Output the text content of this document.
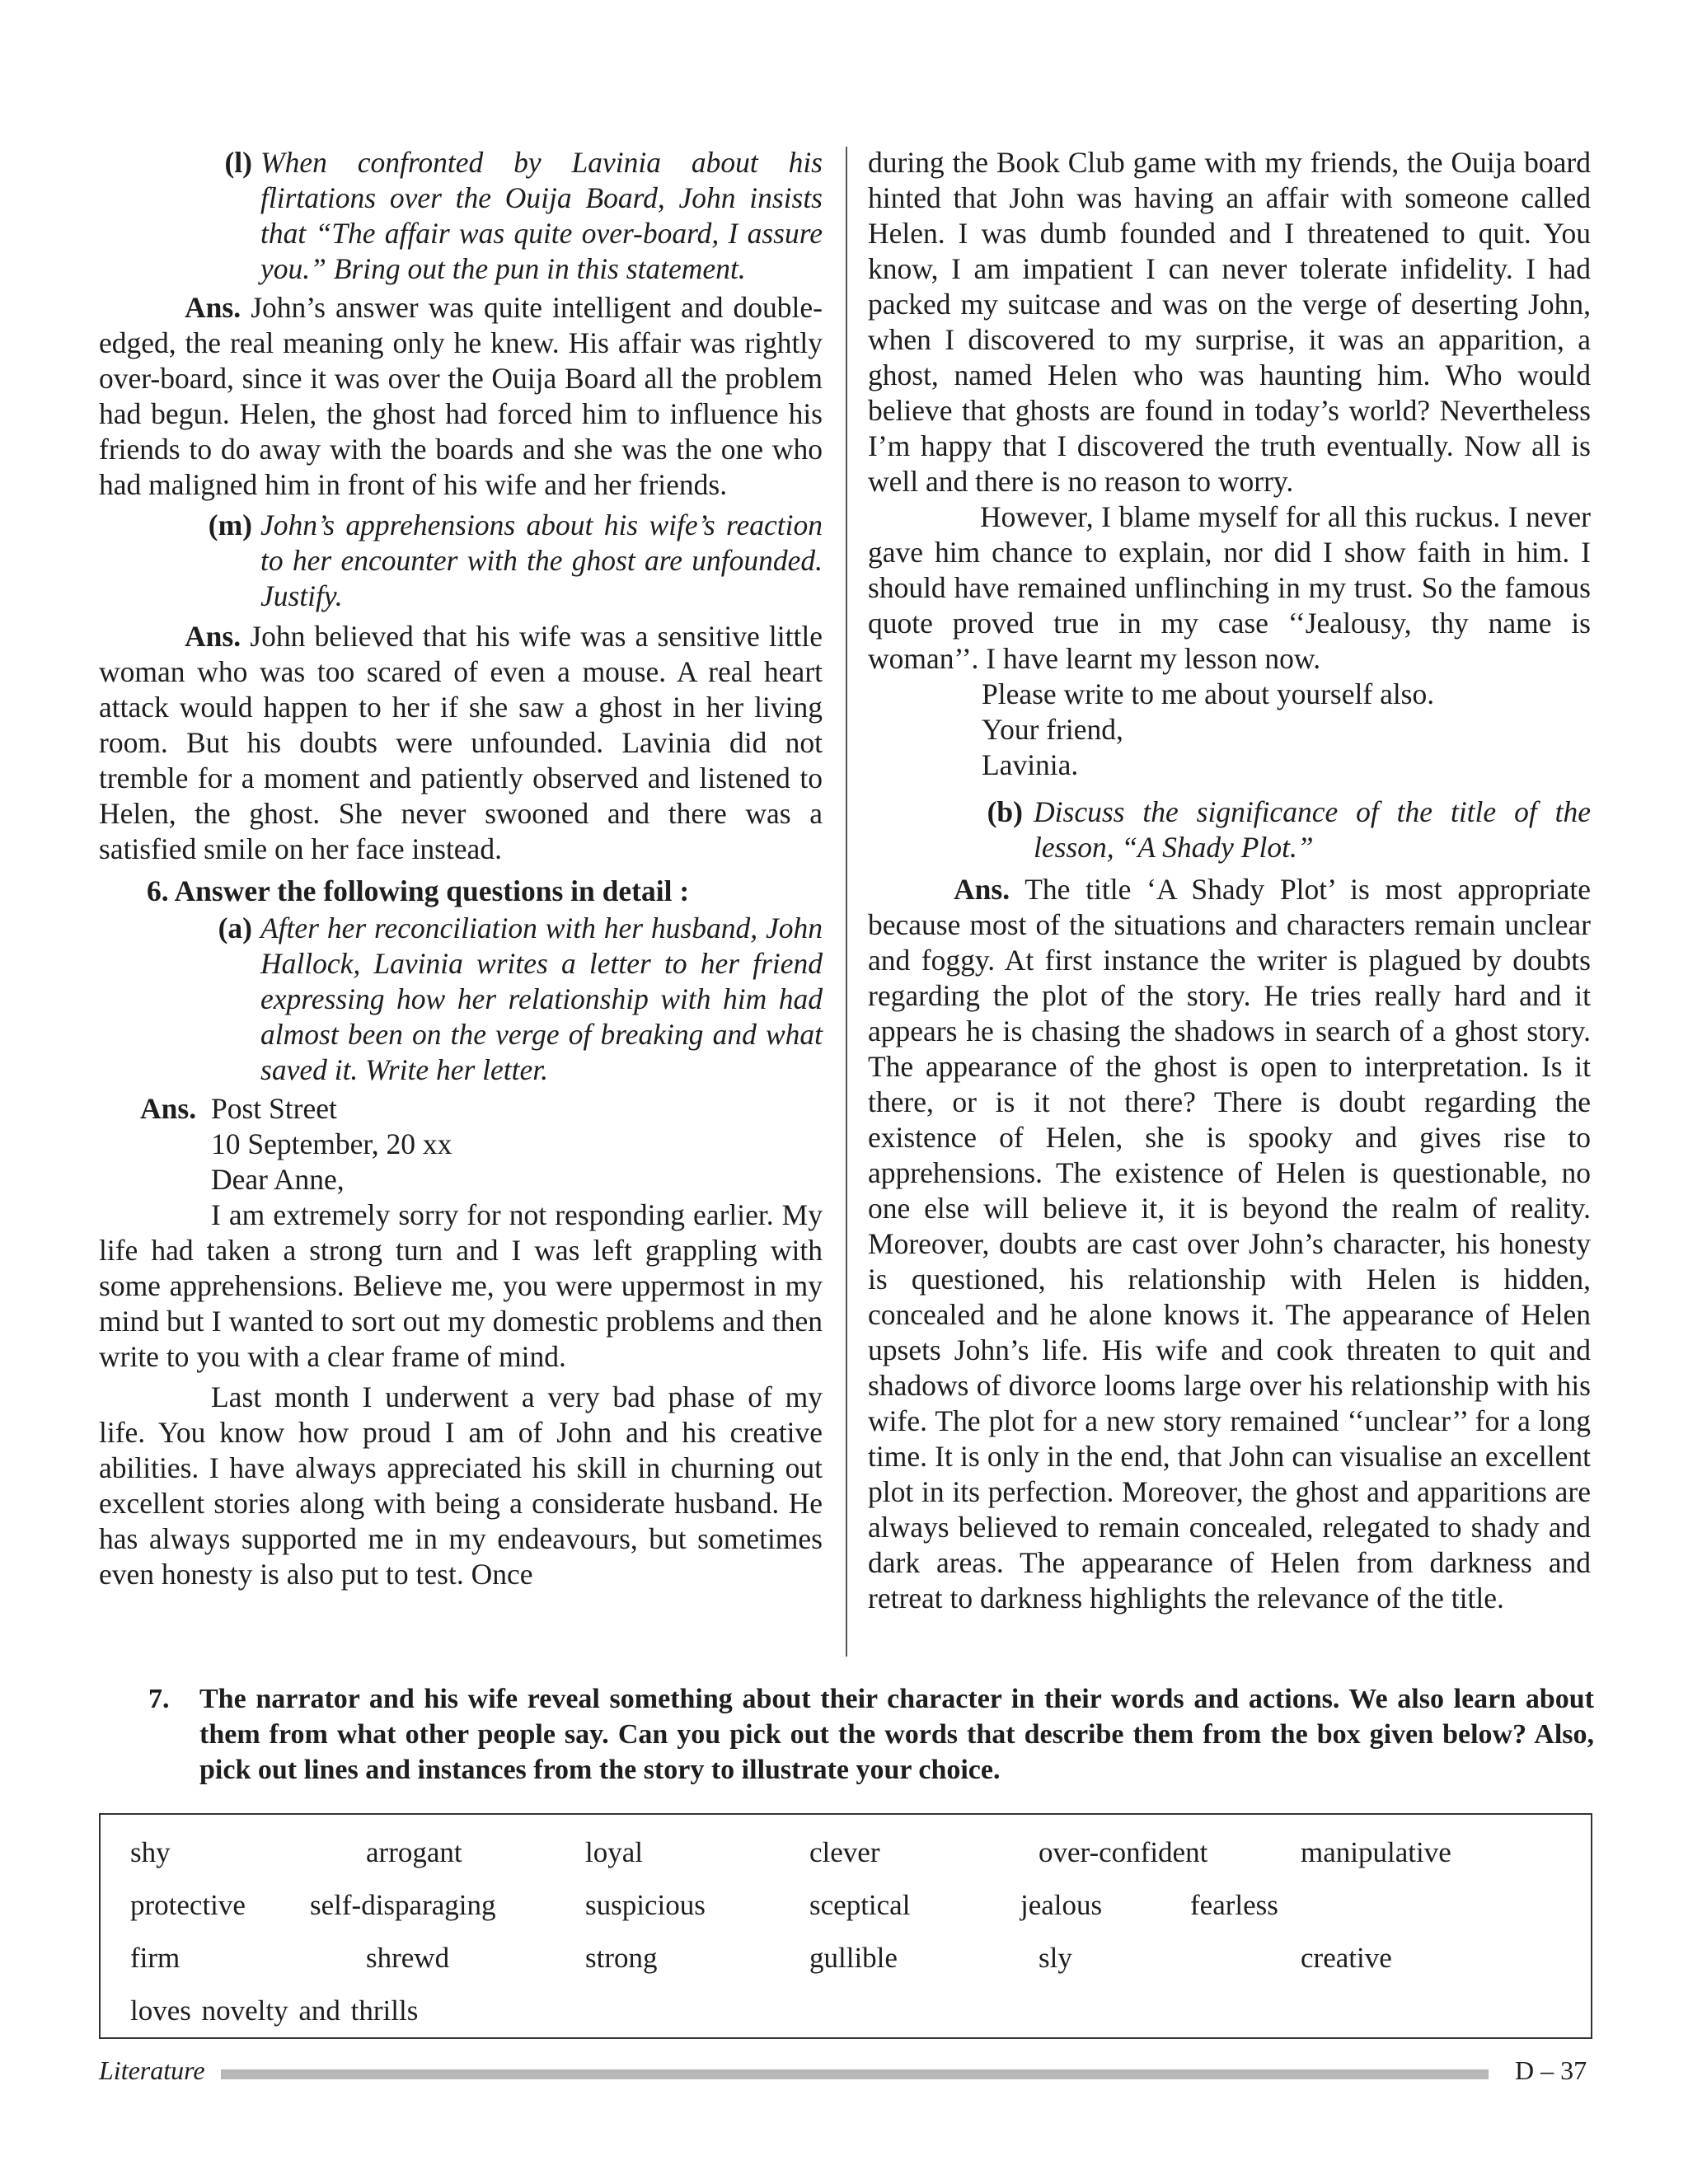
(l) When confronted by Lavinia about his flirtations over the Ouija Board, John insists that “The affair was quite over-board, I assure you.” Bring out the pun in this statement.

Ans. John’s answer was quite intelligent and double-edged, the real meaning only he knew. His affair was rightly over-board, since it was over the Ouija Board all the problem had begun. Helen, the ghost had forced him to influence his friends to do away with the boards and she was the one who had maligned him in front of his wife and her friends.

(m) John’s apprehensions about his wife’s reaction to her encounter with the ghost are unfounded. Justify.

Ans. John believed that his wife was a sensitive little woman who was too scared of even a mouse. A real heart attack would happen to her if she saw a ghost in her living room. But his doubts were unfounded. Lavinia did not tremble for a moment and patiently observed and listened to Helen, the ghost. She never swooned and there was a satisfied smile on her face instead.

6. Answer the following questions in detail :

(a) After her reconciliation with her husband, John Hallock, Lavinia writes a letter to her friend expressing how her relationship with him had almost been on the verge of breaking and what saved it. Write her letter.

Ans. Post Street

10 September, 20 xx

Dear Anne,

I am extremely sorry for not responding earlier. My life had taken a strong turn and I was left grappling with some apprehensions. Believe me, you were uppermost in my mind but I wanted to sort out my domestic problems and then write to you with a clear frame of mind.

Last month I underwent a very bad phase of my life. You know how proud I am of John and his creative abilities. I have always appreciated his skill in churning out excellent stories along with being a considerate husband. He has always supported me in my endeavours, but sometimes even honesty is also put to test. Once

during the Book Club game with my friends, the Ouija board hinted that John was having an affair with someone called Helen. I was dumb founded and I threatened to quit. You know, I am impatient I can never tolerate infidelity. I had packed my suitcase and was on the verge of deserting John, when I discovered to my surprise, it was an apparition, a ghost, named Helen who was haunting him. Who would believe that ghosts are found in today’s world? Nevertheless I’m happy that I discovered the truth eventually. Now all is well and there is no reason to worry.

However, I blame myself for all this ruckus. I never gave him chance to explain, nor did I show faith in him. I should have remained unflinching in my trust. So the famous quote proved true in my case ‘‘Jealousy, thy name is woman’’. I have learnt my lesson now.

Please write to me about yourself also.

Your friend,

Lavinia.

(b) Discuss the significance of the title of the lesson, “A Shady Plot.”

Ans. The title ‘A Shady Plot’ is most appropriate because most of the situations and characters remain unclear and foggy. At first instance the writer is plagued by doubts regarding the plot of the story. He tries really hard and it appears he is chasing the shadows in search of a ghost story. The appearance of the ghost is open to interpretation. Is it there, or is it not there? There is doubt regarding the existence of Helen, she is spooky and gives rise to apprehensions. The existence of Helen is questionable, no one else will believe it, it is beyond the realm of reality. Moreover, doubts are cast over John’s character, his honesty is questioned, his relationship with Helen is hidden, concealed and he alone knows it. The appearance of Helen upsets John’s life. His wife and cook threaten to quit and shadows of divorce looms large over his relationship with his wife. The plot for a new story remained ‘‘unclear’’ for a long time. It is only in the end, that John can visualise an excellent plot in its perfection. Moreover, the ghost and apparitions are always believed to remain concealed, relegated to shady and dark areas. The appearance of Helen from darkness and retreat to darkness highlights the relevance of the title.

7. The narrator and his wife reveal something about their character in their words and actions. We also learn about them from what other people say. Can you pick out the words that describe them from the box given below? Also, pick out lines and instances from the story to illustrate your choice.
shy	arrogant	loyal	clever	over-confident	manipulative
protective self-disparaging	suspicious	sceptical	jealous	fearless
firm	shrewd	strong	gullible	sly	creative
loves novelty and thrills
Literature	D – 37
